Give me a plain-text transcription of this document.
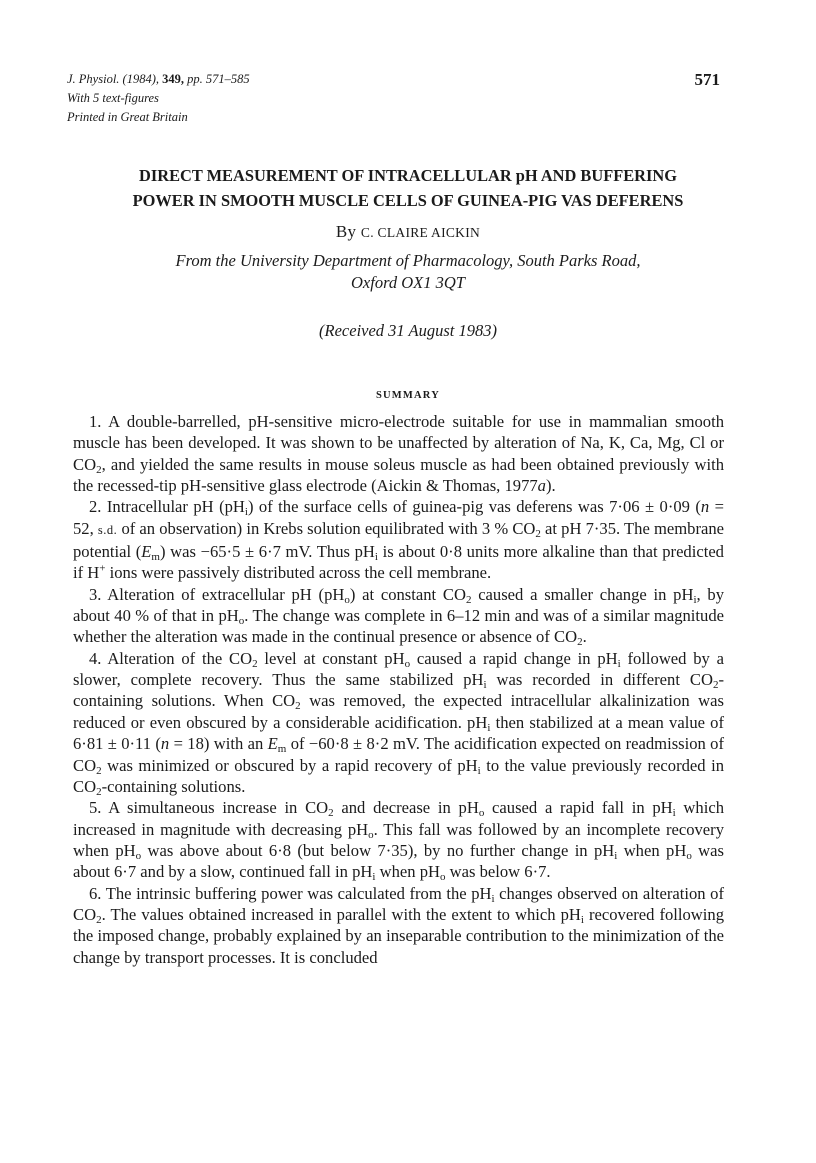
J. Physiol. (1984), 349, pp. 571–585
With 5 text-figures
Printed in Great Britain
571
DIRECT MEASUREMENT OF INTRACELLULAR pH AND BUFFERING
POWER IN SMOOTH MUSCLE CELLS OF GUINEA-PIG VAS DEFERENS
By C. CLAIRE AICKIN
From the University Department of Pharmacology, South Parks Road,
Oxford OX1 3QT
(Received 31 August 1983)
SUMMARY

1. A double-barrelled, pH-sensitive micro-electrode suitable for use in mammalian smooth muscle has been developed. It was shown to be unaffected by alteration of Na, K, Ca, Mg, Cl or $CO_2$, and yielded the same results in mouse soleus muscle as had been obtained previously with the recessed-tip pH-sensitive glass electrode (Aickin & Thomas, 1977a).

2. Intracellular pH $(pH_i)$ of the surface cells of guinea-pig vas deferens was 7·06 ± 0·09 (n = 52, s.d. of an observation) in Krebs solution equilibrated with 3 % $CO_2$ at pH 7·35. The membrane potential $(E_m)$ was −65·5 ± 6·7 mV. Thus $pH_i$ is about 0·8 units more alkaline than that predicted if H+ ions were passively distributed across the cell membrane.

3. Alteration of extracellular pH $(pH_o)$ at constant $CO_2$ caused a smaller change in $pH_i$, by about 40 % of that in $pH_o$. The change was complete in 6–12 min and was of a similar magnitude whether the alteration was made in the continual presence or absence of $CO_2$.

4. Alteration of the $CO_2$ level at constant $pH_o$ caused a rapid change in $pH_i$ followed by a slower, complete recovery. Thus the same stabilized $pH_i$ was recorded in different $CO_2$-containing solutions. When $CO_2$ was removed, the expected intracellular alkalinization was reduced or even obscured by a considerable acidification. $pH_i$ then stabilized at a mean value of 6·81 ± 0·11 (n = 18) with an $E_m$ of −60·8 ± 8·2 mV. The acidification expected on readmission of $CO_2$ was minimized or obscured by a rapid recovery of $pH_i$ to the value previously recorded in $CO_2$-containing solutions.

5. A simultaneous increase in $CO_2$ and decrease in $pH_o$ caused a rapid fall in $pH_i$ which increased in magnitude with decreasing $pH_o$. This fall was followed by an incomplete recovery when $pH_o$ was above about 6·8 (but below 7·35), by no further change in $pH_i$ when $pH_o$ was about 6·7 and by a slow, continued fall in $pH_i$ when $pH_o$ was below 6·7.

6. The intrinsic buffering power was calculated from the $pH_i$ changes observed on alteration of $CO_2$. The values obtained increased in parallel with the extent to which $pH_i$ recovered following the imposed change, probably explained by an inseparable contribution to the minimization of the change by transport processes. It is concluded
